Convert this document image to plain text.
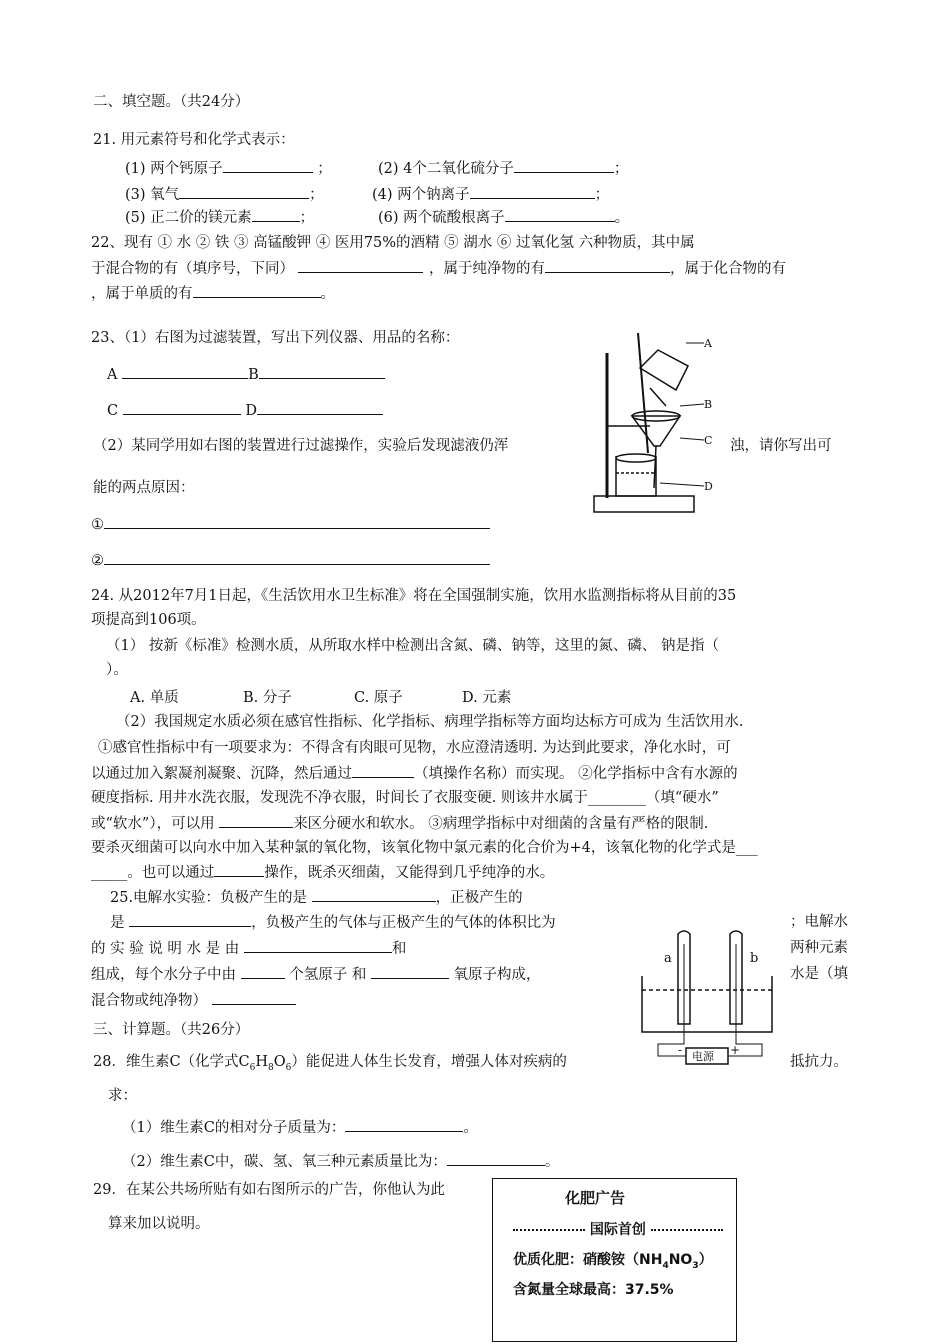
二、填空题。（共24分）
21. 用元素符号和化学式表示：
(1) 两个钙原子	；	(2) 4个二氧化硫分子	；
(3) 氧气	；	(4) 两个钠离子	；
(5) 正二价的镁元素	；	(6) 两个硫酸根离子	。
22、现有 ① 水 ② 铁 ③ 高锰酸钾 ④ 医用75%的酒精 ⑤ 湖水 ⑥ 过氧化氢 六种物质，其中属
于混合物的有（填序号，下同）	，属于纯净物的有	，属于化合物的有
，属于单质的有	。
23、（1）右图为过滤装置，写出下列仪器、用品的名称：
A	B
C	D
（2）某同学用如右图的装置进行过滤操作，实验后发现滤液仍浑	浊，请你写出可
能的两点原因：
①
②
A
B
C
D
24. 从2012年7月1日起，《生活饮用水卫生标准》将在全国强制实施，饮用水监测指标将从目前的35
项提高到106项。
（1） 按新《标准》检测水质，从所取水样中检测出含氮、磷、钠等，这里的氮、磷、 钠是指（
）。
A. 单质	B. 分子	C. 原子	D. 元素
（2）我国规定水质必须在感官性指标、化学指标、病理学指标等方面均达标方可成为 生活饮用水.
①感官性指标中有一项要求为：不得含有肉眼可见物，水应澄清透明. 为达到此要求，净化水时，可
以通过加入絮凝剂凝聚、沉降，然后通过	（填操作名称）而实现。 ②化学指标中含有水源的
硬度指标. 用井水洗衣服，发现洗不净衣服，时间长了衣服变硬. 则该井水属于________（填“硬水”
或“软水”），可以用	来区分硬水和软水。 ③病理学指标中对细菌的含量有严格的限制.
要杀灭细菌可以向水中加入某种氯的氧化物，该氧化物中氯元素的化合价为+4，该氧化物的化学式是___
_____。也可以通过	操作，既杀灭细菌，又能得到几乎纯净的水。
25.电解水实验：负极产生的是	，正极产生的
是	，负极产生的气体与正极产生的气体的体积比为	；电解水
的 实 验 说 明 水 是 由	和	两种元素
组成，每个水分子中由	个氢原子 和	氧原子构成，	水是（填
混合物或纯净物）
a	b
电源
-	+
三、计算题。（共26分）
28．维生素C（化学式$C_6H_8O_6$）能促进人体生长发育，增强人体对疾病的	抵抗力。
求：
（1）维生素C的相对分子质量为：	。
（2）维生素C中，碳、氢、氧三种元素质量比为：	。
29．在某公共场所贴有如右图所示的广告，你他认为此
算来加以说明。
化肥广告
国际首创
优质化肥：硝酸铵$(NH_4NO_3)$
含氮量全球最高：37.5%
